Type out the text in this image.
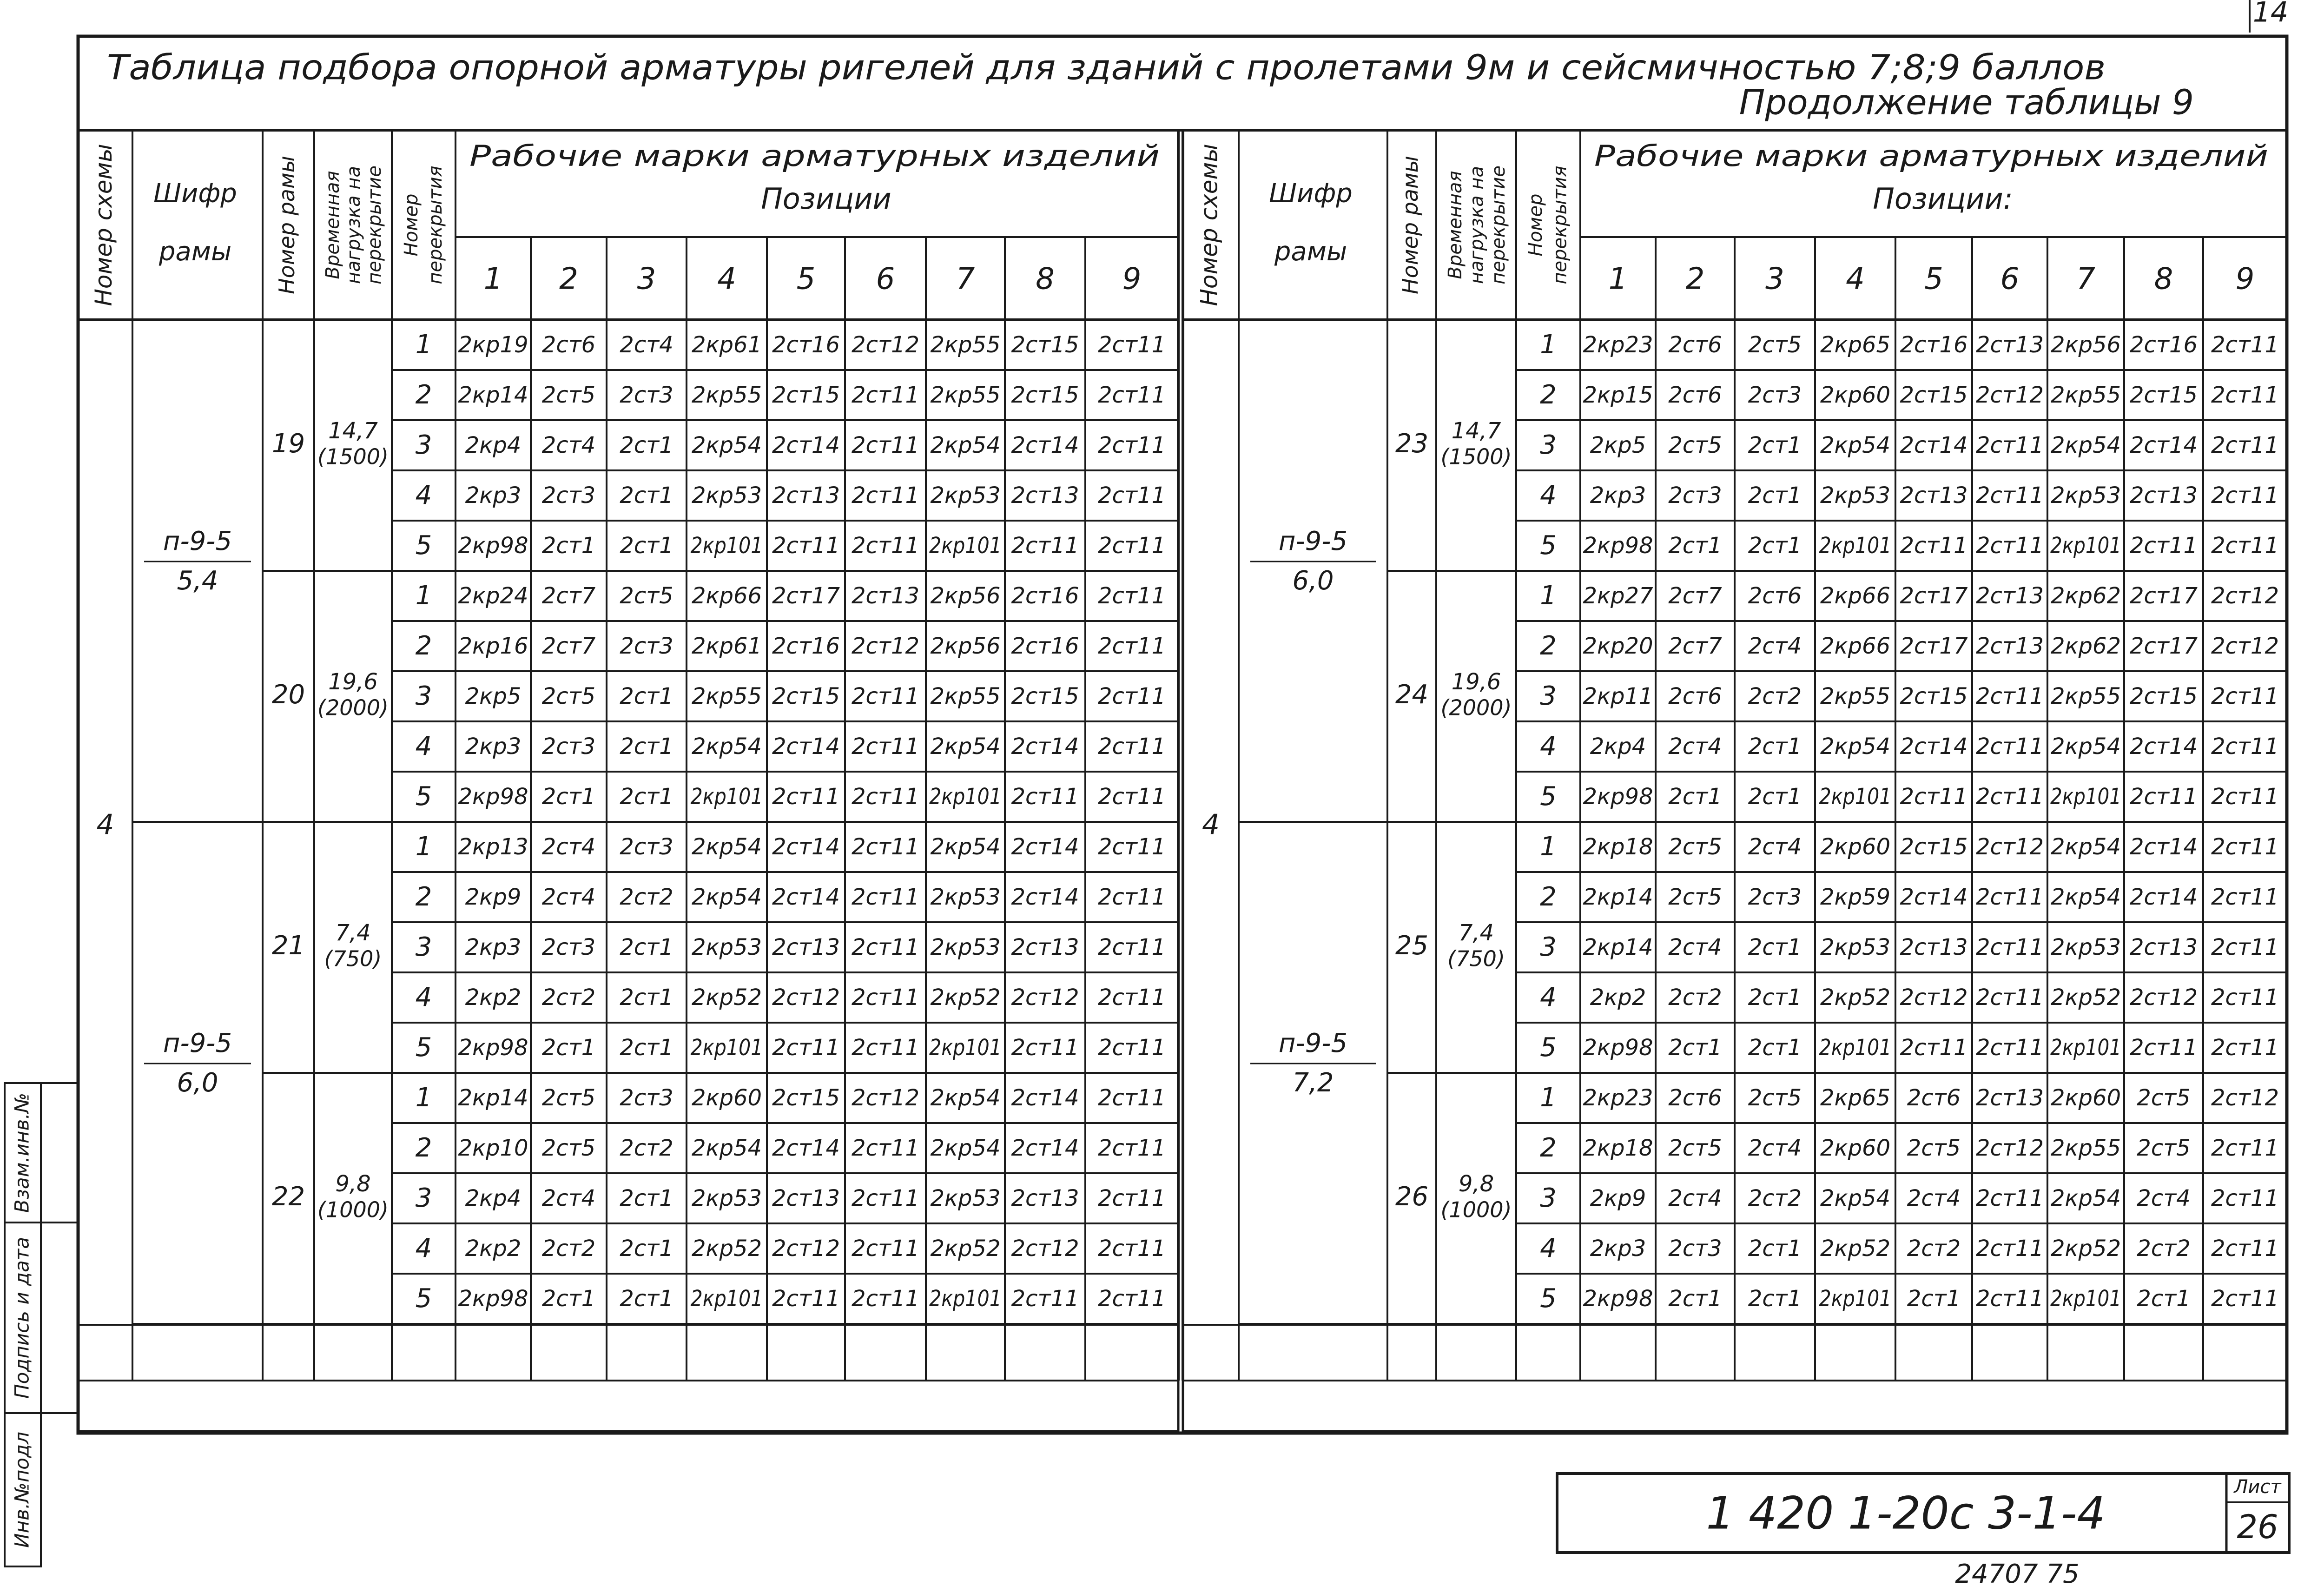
14
Таблица подбора опорной арматуры ригелей для зданий с пролетами 9м и сейсмичностью 7;8;9 баллов
Продолжение таблицы 9
Взам.инв.№
Подпись и дата
Инв.№подл	1 420 1-20с 3-1-4
Лист
26
24707 75
Номер схемы Шифр
рамы Номер рамы Временная нагрузка на перекрытие Номер перекрытия
Рабочие марки арматурных изделий
Позиции
1 2 3 4 5 6 7 8 9
п-9-5
5,4
19 14,7
(1500)
1 2кр19 2ст6 2ст4 2кр61 2ст16 2ст12 2кр55 2ст15 2ст11
2 2кр14 2ст5 2ст3 2кр55 2ст15 2ст11 2кр55 2ст15 2ст11
3 2кр4 2ст4 2ст1 2кр54 2ст14 2ст11 2кр54 2ст14 2ст11
4 2кр3 2ст3 2ст1 2кр53 2ст13 2ст11 2кр53 2ст13 2ст11
5 2кр98 2ст1 2ст1 2кр101 2ст11 2ст11 2кр101 2ст11 2ст11
20 19,6
(2000)
1 2кр24 2ст7 2ст5 2кр66 2ст17 2ст13 2кр56 2ст16 2ст11
2 2кр16 2ст7 2ст3 2кр61 2ст16 2ст12 2кр56 2ст16 2ст11
3 2кр5 2ст5 2ст1 2кр55 2ст15 2ст11 2кр55 2ст15 2ст11
4 2кр3 2ст3 2ст1 2кр54 2ст14 2ст11 2кр54 2ст14 2ст11
5 2кр98 2ст1 2ст1 2кр101 2ст11 2ст11 2кр101 2ст11 2ст11
п-9-5
6,0
21 7,4
(750)
1 2кр13 2ст4 2ст3 2кр54 2ст14 2ст11 2кр54 2ст14 2ст11
2 2кр9 2ст4 2ст2 2кр54 2ст14 2ст11 2кр53 2ст14 2ст11
3 2кр3 2ст3 2ст1 2кр53 2ст13 2ст11 2кр53 2ст13 2ст11
4 2кр2 2ст2 2ст1 2кр52 2ст12 2ст11 2кр52 2ст12 2ст11
5 2кр98 2ст1 2ст1 2кр101 2ст11 2ст11 2кр101 2ст11 2ст11
22 9,8
(1000)
1 2кр14 2ст5 2ст3 2кр60 2ст15 2ст12 2кр54 2ст14 2ст11
2 2кр10 2ст5 2ст2 2кр54 2ст14 2ст11 2кр54 2ст14 2ст11
3 2кр4 2ст4 2ст1 2кр53 2ст13 2ст11 2кр53 2ст13 2ст11
4 2кр2 2ст2 2ст1 2кр52 2ст12 2ст11 2кр52 2ст12 2ст11
5 2кр98 2ст1 2ст1 2кр101 2ст11 2ст11 2кр101 2ст11 2ст11
4
Номер схемы Шифр
рамы Номер рамы Временная нагрузка на перекрытие Номер перекрытия
Рабочие марки арматурных изделий
Позиции:
1 2 3 4 5 6 7 8 9
п-9-5
6,0
23 14,7
(1500)
1 2кр23 2ст6 2ст5 2кр65 2ст16 2ст13 2кр56 2ст16 2ст11
2 2кр15 2ст6 2ст3 2кр60 2ст15 2ст12 2кр55 2ст15 2ст11
3 2кр5 2ст5 2ст1 2кр54 2ст14 2ст11 2кр54 2ст14 2ст11
4 2кр3 2ст3 2ст1 2кр53 2ст13 2ст11 2кр53 2ст13 2ст11
5 2кр98 2ст1 2ст1 2кр101 2ст11 2ст11 2кр101 2ст11 2ст11
24 19,6
(2000)
1 2кр27 2ст7 2ст6 2кр66 2ст17 2ст13 2кр62 2ст17 2ст12
2 2кр20 2ст7 2ст4 2кр66 2ст17 2ст13 2кр62 2ст17 2ст12
3 2кр11 2ст6 2ст2 2кр55 2ст15 2ст11 2кр55 2ст15 2ст11
4 2кр4 2ст4 2ст1 2кр54 2ст14 2ст11 2кр54 2ст14 2ст11
5 2кр98 2ст1 2ст1 2кр101 2ст11 2ст11 2кр101 2ст11 2ст11
п-9-5
7,2
25 7,4
(750)
1 2кр18 2ст5 2ст4 2кр60 2ст15 2ст12 2кр54 2ст14 2ст11
2 2кр14 2ст5 2ст3 2кр59 2ст14 2ст11 2кр54 2ст14 2ст11
3 2кр14 2ст4 2ст1 2кр53 2ст13 2ст11 2кр53 2ст13 2ст11
4 2кр2 2ст2 2ст1 2кр52 2ст12 2ст11 2кр52 2ст12 2ст11
5 2кр98 2ст1 2ст1 2кр101 2ст11 2ст11 2кр101 2ст11 2ст11
26 9,8
(1000)
1 2кр23 2ст6 2ст5 2кр65 2ст6 2ст13 2кр60 2ст5 2ст12
2 2кр18 2ст5 2ст4 2кр60 2ст5 2ст12 2кр55 2ст5 2ст11
3 2кр9 2ст4 2ст2 2кр54 2ст4 2ст11 2кр54 2ст4 2ст11
4 2кр3 2ст3 2ст1 2кр52 2ст2 2ст11 2кр52 2ст2 2ст11
5 2кр98 2ст1 2ст1 2кр101 2ст1 2ст11 2кр101 2ст1 2ст11
4
